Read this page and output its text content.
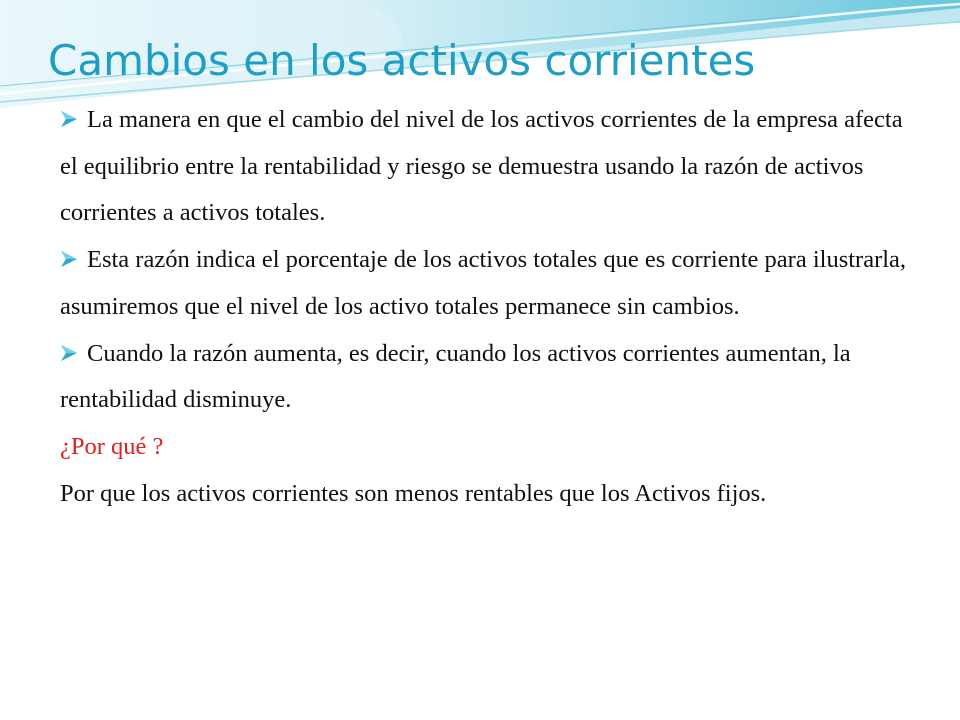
Cambios en los activos corrientes

La manera en que el cambio del nivel de los activos corrientes de la empresa afecta el equilibrio entre la rentabilidad y riesgo se demuestra usando la razón de activos corrientes a activos totales.

Esta razón indica el porcentaje de los activos totales que es corriente para ilustrarla, asumiremos que el nivel de los activo totales permanece sin cambios.

Cuando la razón aumenta, es decir, cuando los activos corrientes aumentan, la rentabilidad disminuye.

¿Por qué ?

Por que los activos corrientes son menos rentables que los Activos fijos.
